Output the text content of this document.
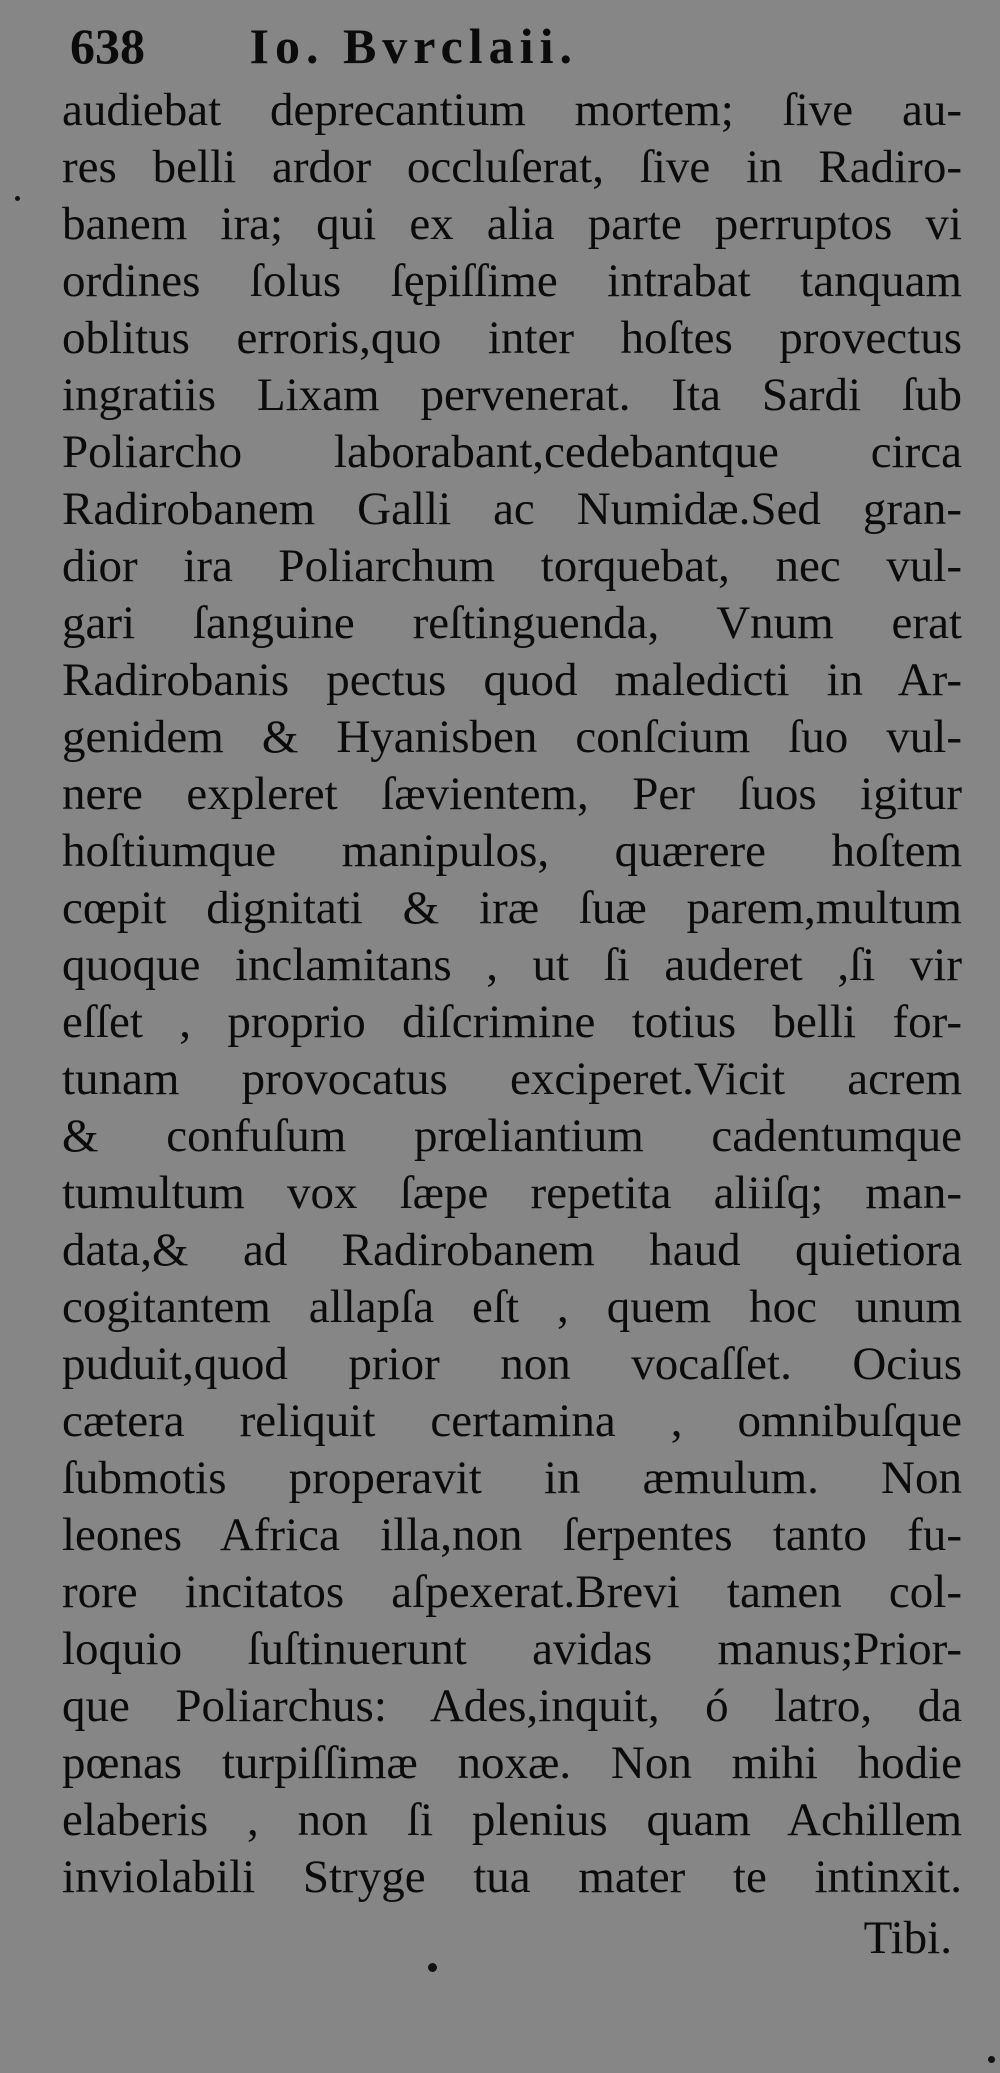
638 Io. Bvrclaii.
audiebat deprecantium mortem; ſive au-
res belli ardor occluſerat, ſive in Radiro-
banem ira; qui ex alia parte perruptos vi
ordines ſolus ſępiſſime intrabat tanquam
oblitus erroris,quo inter hoſtes provectus
ingratiis Lixam pervenerat. Ita Sardi ſub
Poliarcho laborabant,cedebantque circa
Radirobanem Galli ac Numidæ.Sed gran-
dior ira Poliarchum torquebat, nec vul-
gari ſanguine reſtinguenda, Vnum erat
Radirobanis pectus quod maledicti in Ar-
genidem & Hyanisben conſcium ſuo vul-
nere expleret ſævientem, Per ſuos igitur
hoſtiumque manipulos, quærere hoſtem
cœpit dignitati & iræ ſuæ parem,multum
quoque inclamitans , ut ſi auderet ,ſi vir
eſſet , proprio diſcrimine totius belli for-
tunam provocatus exciperet.Vicit acrem
& confuſum prœliantium cadentumque
tumultum vox ſæpe repetita aliiſq; man-
data,& ad Radirobanem haud quietiora
cogitantem allapſa eſt , quem hoc unum
puduit,quod prior non vocaſſet. Ocius
cætera reliquit certamina , omnibuſque
ſubmotis properavit in æmulum. Non
leones Africa illa,non ſerpentes tanto fu-
rore incitatos aſpexerat.Brevi tamen col-
loquio ſuſtinuerunt avidas manus;Prior-
que Poliarchus: Ades,inquit, ó latro, da
pœnas turpiſſimæ noxæ. Non mihi hodie
elaberis , non ſi plenius quam Achillem
inviolabili Stryge tua mater te intinxit.
Tibi.
